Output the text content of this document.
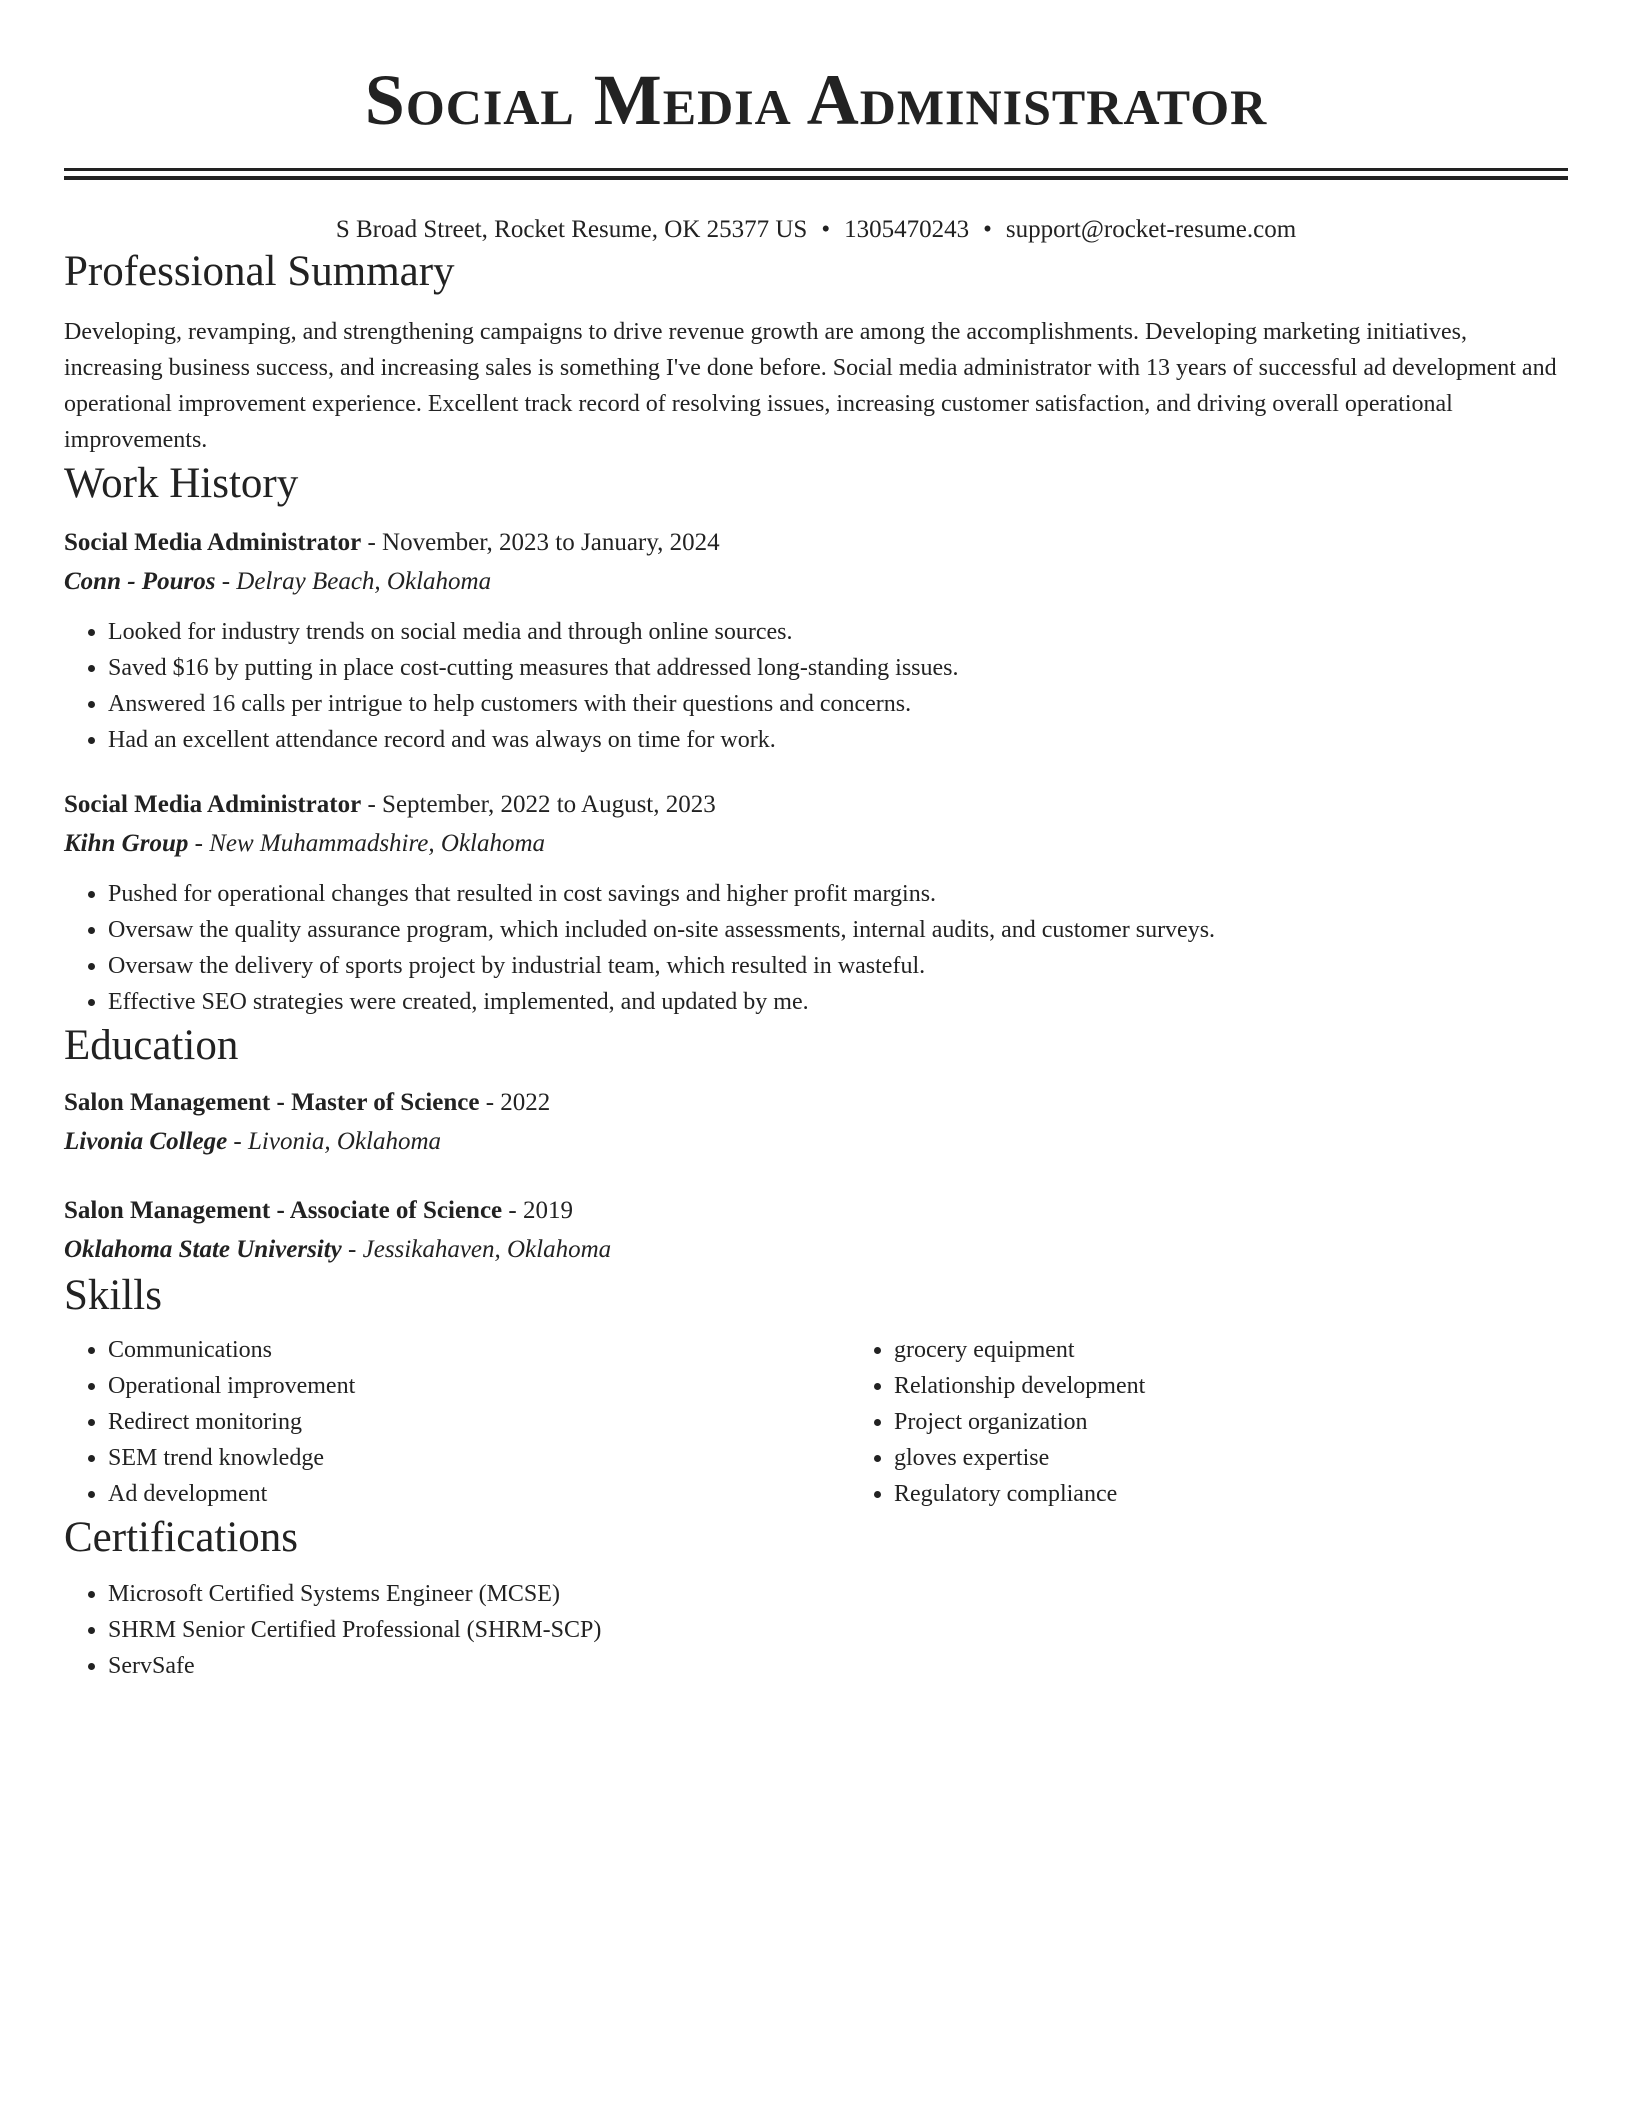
Social Media Administrator
S Broad Street, Rocket Resume, OK 25377 US • 1305470243 • support@rocket-resume.com
Professional Summary
Developing, revamping, and strengthening campaigns to drive revenue growth are among the accomplishments. Developing marketing initiatives, increasing business success, and increasing sales is something I've done before. Social media administrator with 13 years of successful ad development and operational improvement experience. Excellent track record of resolving issues, increasing customer satisfaction, and driving overall operational improvements.
Work History
Social Media Administrator - November, 2023 to January, 2024
Conn - Pouros - Delray Beach, Oklahoma
• Looked for industry trends on social media and through online sources.
• Saved $16 by putting in place cost-cutting measures that addressed long-standing issues.
• Answered 16 calls per intrigue to help customers with their questions and concerns.
• Had an excellent attendance record and was always on time for work.
Social Media Administrator - September, 2022 to August, 2023
Kihn Group - New Muhammadshire, Oklahoma
• Pushed for operational changes that resulted in cost savings and higher profit margins.
• Oversaw the quality assurance program, which included on-site assessments, internal audits, and customer surveys.
• Oversaw the delivery of sports project by industrial team, which resulted in wasteful.
• Effective SEO strategies were created, implemented, and updated by me.
Education
Salon Management - Master of Science - 2022
Livonia College - Livonia, Oklahoma
Salon Management - Associate of Science - 2019
Oklahoma State University - Jessikahaven, Oklahoma
Skills
• Communications
• Operational improvement
• Redirect monitoring
• SEM trend knowledge
• Ad development
• grocery equipment
• Relationship development
• Project organization
• gloves expertise
• Regulatory compliance
Certifications
• Microsoft Certified Systems Engineer (MCSE)
• SHRM Senior Certified Professional (SHRM-SCP)
• ServSafe
